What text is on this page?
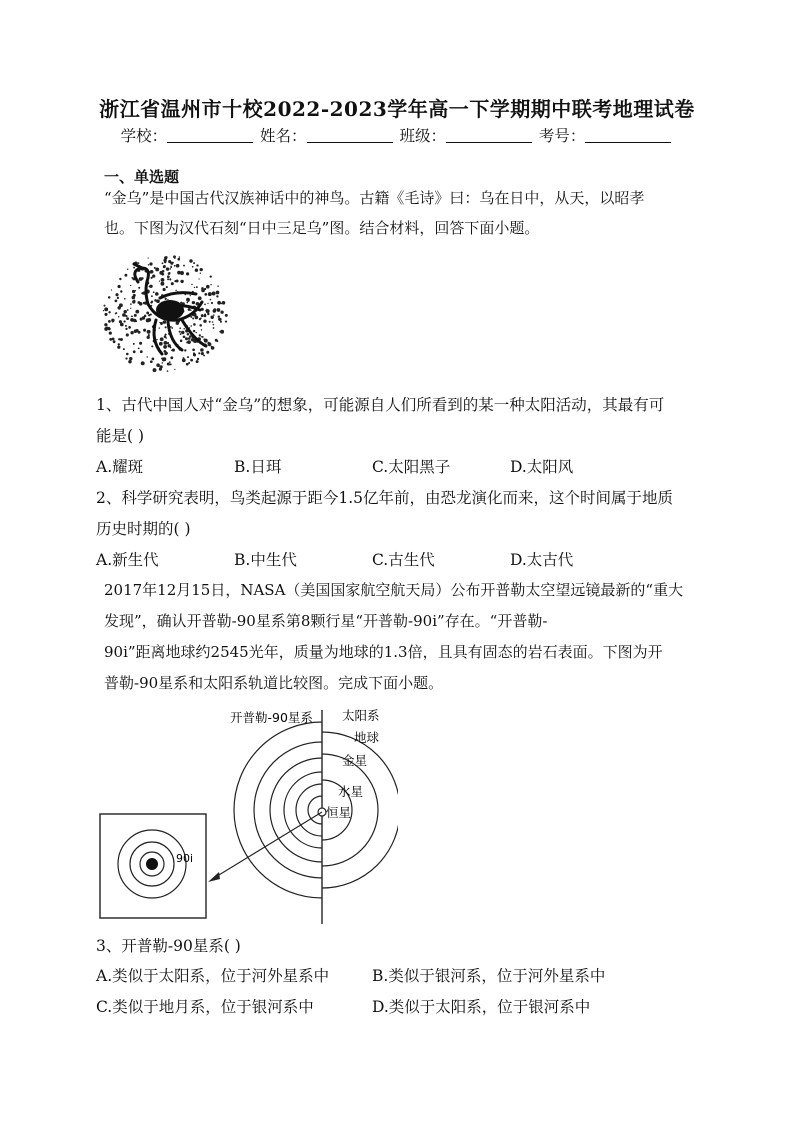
浙江省温州市十校2022-2023学年高一下学期期中联考地理试卷
学校：	姓名：	班级：	考号：
一、单选题
“金乌”是中国古代汉族神话中的神鸟。古籍《毛诗》曰：乌在日中，从天，以昭孝
也。下图为汉代石刻“日中三足乌”图。结合材料，回答下面小题。
1、古代中国人对“金乌”的想象，可能源自人们所看到的某一种太阳活动，其最有可
能是( )
A.耀斑	B.日珥	C.太阳黑子	D.太阳风
2、科学研究表明，鸟类起源于距今1.5亿年前，由恐龙演化而来，这个时间属于地质
历史时期的( )
A.新生代	B.中生代	C.古生代	D.太古代
2017年12月15日，NASA（美国国家航空航天局）公布开普勒太空望远镜最新的“重大
发现”，确认开普勒-90星系第8颗行星“开普勒-90i”存在。“开普勒-
90i”距离地球约2545光年，质量为地球的1.3倍，且具有固态的岩石表面。下图为开
普勒-90星系和太阳系轨道比较图。完成下面小题。
开普勒-90星系 太阳系
地球
金星
水星
恒星
90i
3、开普勒-90星系( )
A.类似于太阳系，位于河外星系中	B.类似于银河系，位于河外星系中
C.类似于地月系，位于银河系中	D.类似于太阳系，位于银河系中
